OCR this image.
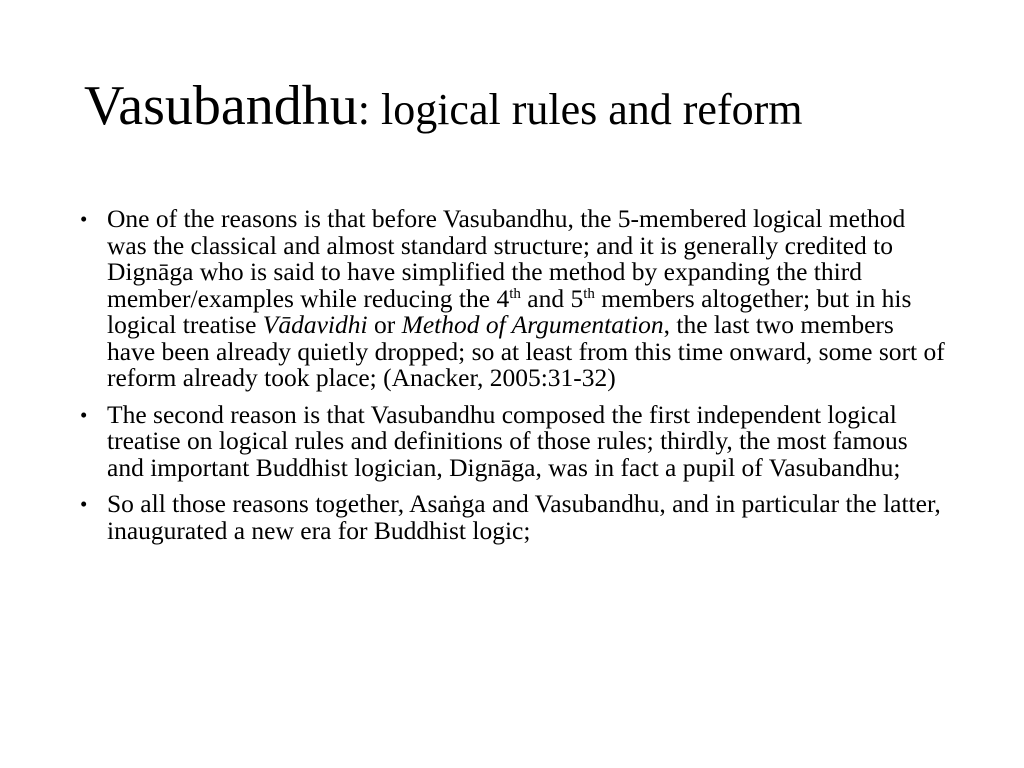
Vasubandhu: logical rules and reform
• One of the reasons is that before Vasubandhu, the 5-membered logical method was the classical and almost standard structure; and it is generally credited to Dignāga who is said to have simplified the method by expanding the third member/examples while reducing the 4th and 5th members altogether; but in his logical treatise Vādavidhi or Method of Argumentation, the last two members have been already quietly dropped; so at least from this time onward, some sort of reform already took place; (Anacker, 2005:31-32)
• The second reason is that Vasubandhu composed the first independent logical treatise on logical rules and definitions of those rules; thirdly, the most famous and important Buddhist logician, Dignāga, was in fact a pupil of Vasubandhu;
• So all those reasons together, Asaṅga and Vasubandhu, and in particular the latter, inaugurated a new era for Buddhist logic;
